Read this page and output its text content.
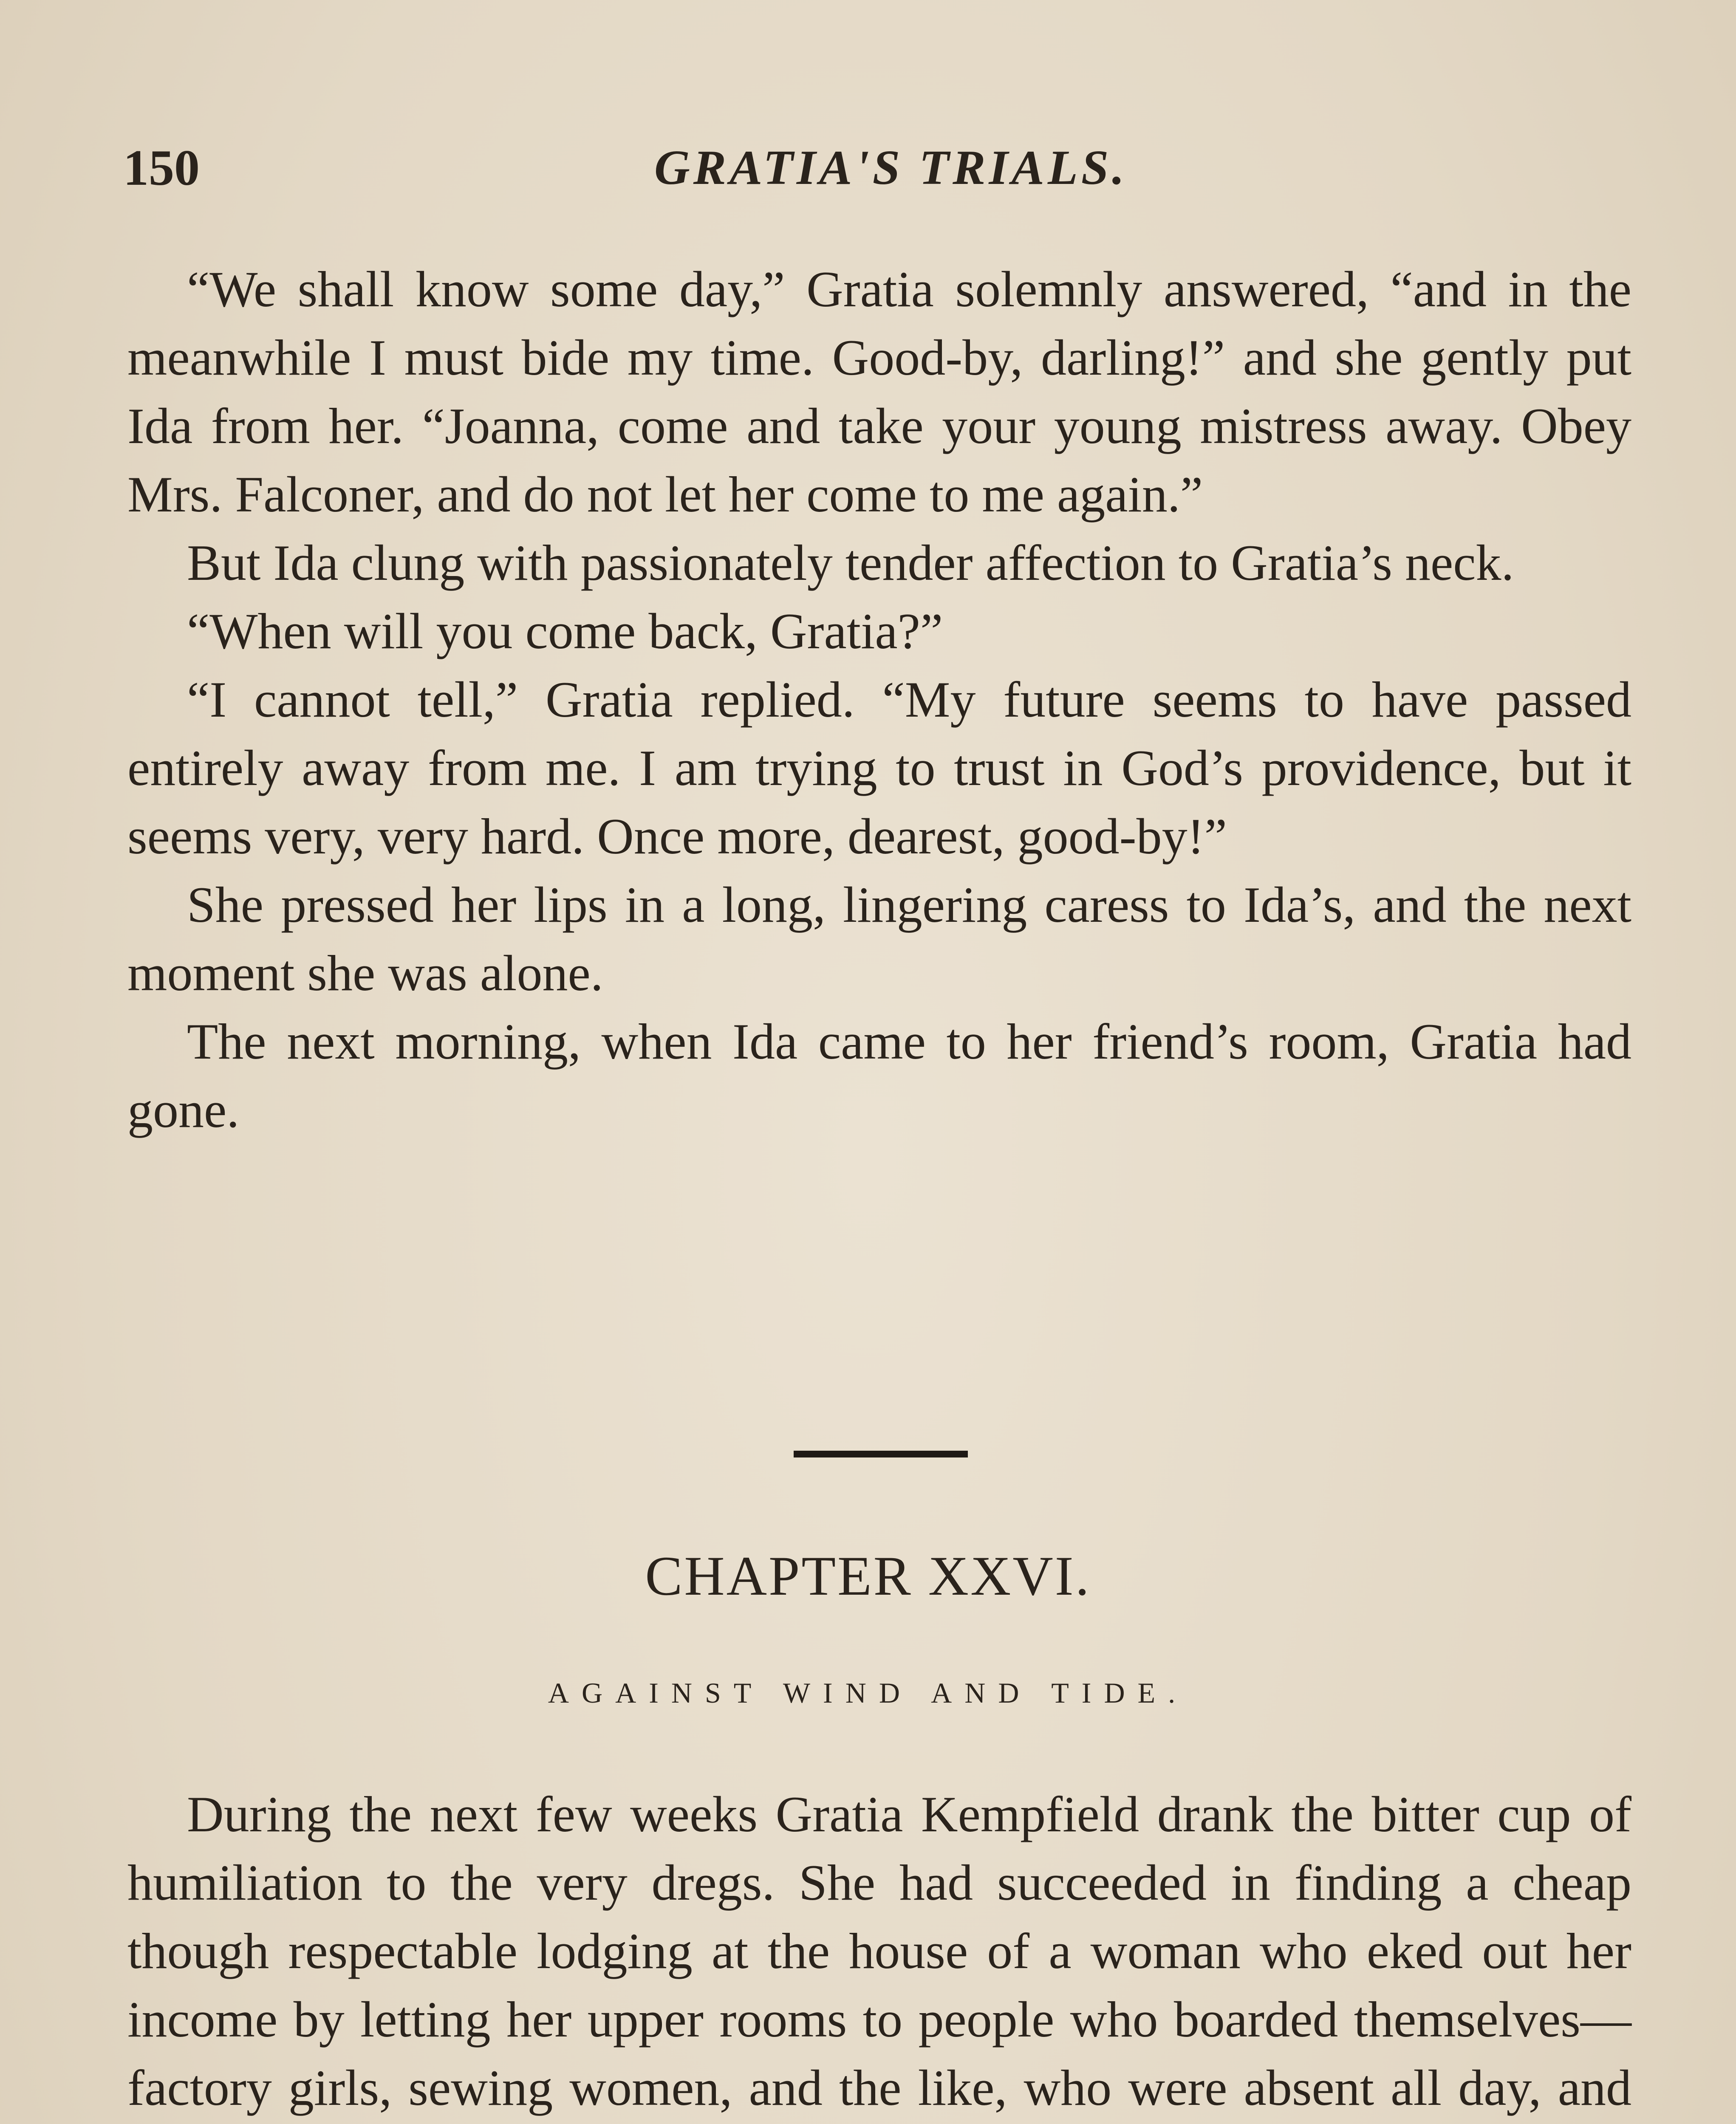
150	GRATIA'S TRIALS.

“We shall know some day,” Gratia solemnly answered, “and in the meanwhile I must bide my time. Good-by, darling!” and she gently put Ida from her. “Joanna, come and take your young mistress away. Obey Mrs. Falconer, and do not let her come to me again.”

But Ida clung with passionately tender affection to Gratia’s neck.

“When will you come back, Gratia?”

“I cannot tell,” Gratia replied. “My future seems to have passed entirely away from me. I am trying to trust in God’s providence, but it seems very, very hard. Once more, dearest, good-by!”

She pressed her lips in a long, lingering caress to Ida’s, and the next moment she was alone.

The next morning, when Ida came to her friend’s room, Gratia had gone.

CHAPTER XXVI.
AGAINST WIND AND TIDE.

During the next few weeks Gratia Kempfield drank the bitter cup of humiliation to the very dregs. She had succeeded in finding a cheap though respectable lodging at the house of a woman who eked out her income by letting her upper rooms to people who boarded themselves—factory girls, sewing women, and the like, who were absent all day, and
